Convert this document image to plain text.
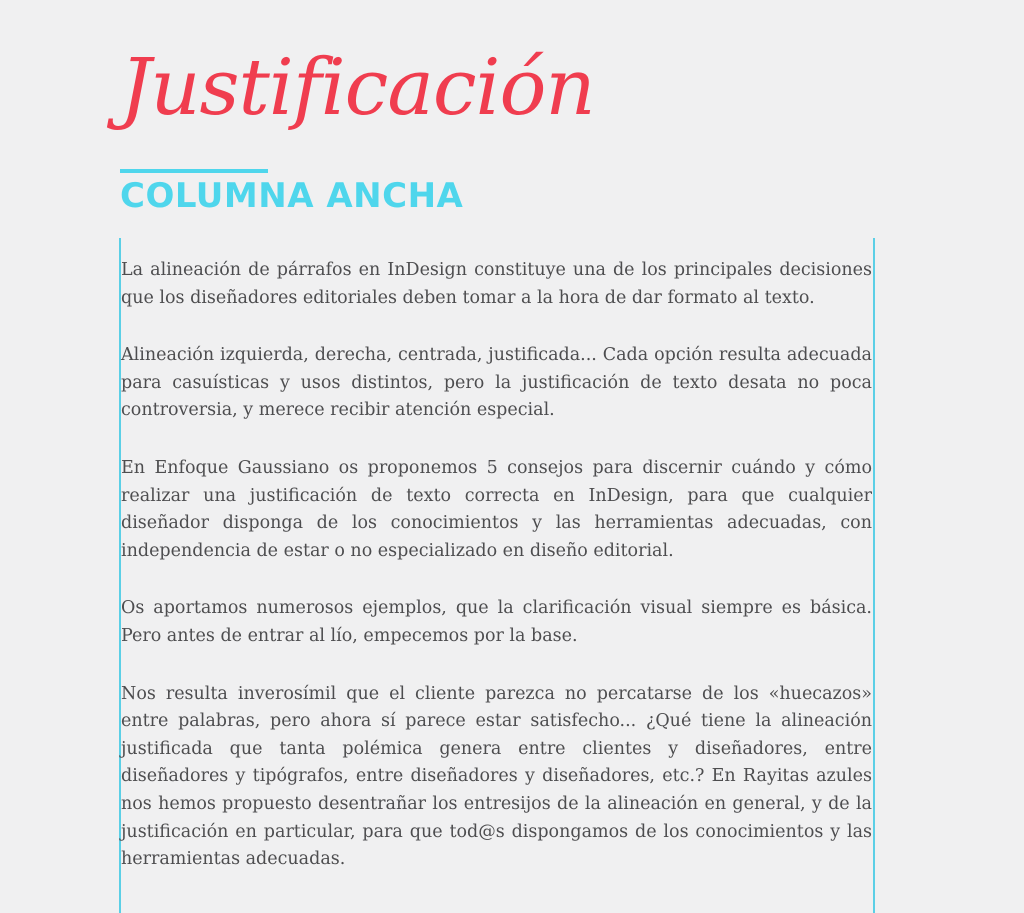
Justificación
COLUMNA ANCHA

La alineación de párrafos en InDesign constituye una de los principales decisiones que los diseñadores editoriales deben tomar a la hora de dar formato al texto.

Alineación izquierda, derecha, centrada, justificada... Cada opción resulta adecuada para casuísticas y usos distintos, pero la justificación de texto desata no poca controversia, y merece recibir atención especial.

En Enfoque Gaussiano os proponemos 5 consejos para discernir cuándo y cómo realizar una justificación de texto correcta en InDesign, para que cualquier diseñador disponga de los conocimientos y las herramientas adecuadas, con independencia de estar o no especializado en diseño editorial.

Os aportamos numerosos ejemplos, que la clarificación visual siempre es básica. Pero antes de entrar al lío, empecemos por la base.

Nos resulta inverosímil que el cliente parezca no percatarse de los «huecazos» entre palabras, pero ahora sí parece estar satisfecho... ¿Qué tiene la alineación justificada que tanta polémica genera entre clientes y diseñadores, entre diseñadores y tipógrafos, entre diseñadores y diseñadores, etc.? En Rayitas azules nos hemos propuesto desentrañar los entresijos de la alineación en general, y de la justificación en particular, para que tod@s dispongamos de los conocimientos y las herramientas adecuadas.
